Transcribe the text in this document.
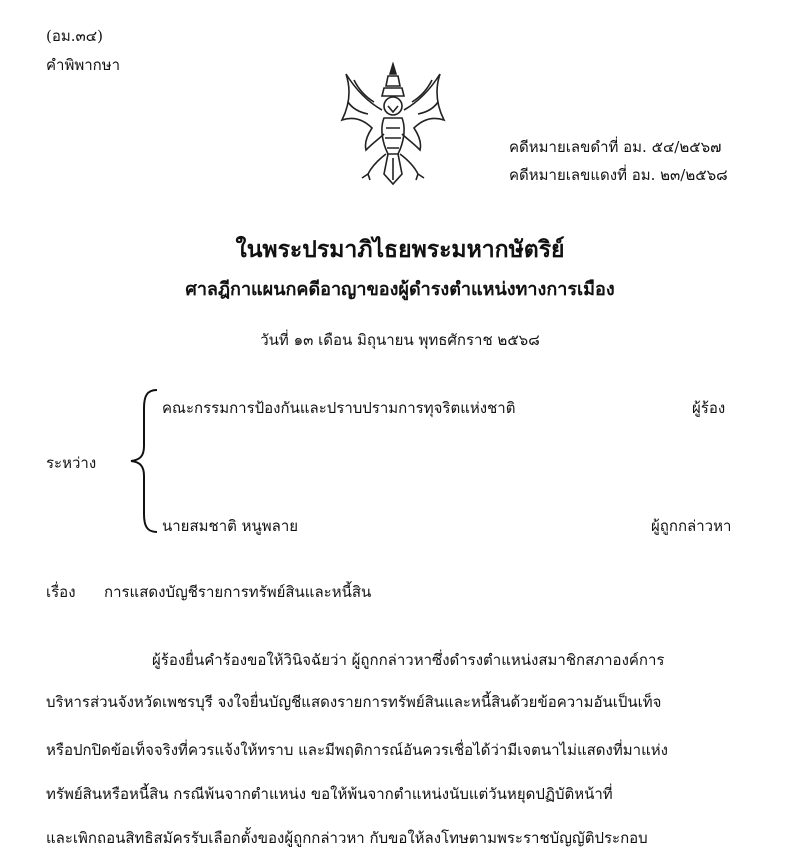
(อม.๓๔)
คำพิพากษา
คดีหมายเลขดำที่ อม. ๕๔/๒๕๖๗
คดีหมายเลขแดงที่ อม. ๒๓/๒๕๖๘
ในพระปรมาภิไธยพระมหากษัตริย์
ศาลฎีกาแผนกคดีอาญาของผู้ดำรงตำแหน่งทางการเมือง
วันที่ ๑๓ เดือน มิถุนายน พุทธศักราช ๒๕๖๘
คณะกรรมการป้องกันและปราบปรามการทุจริตแห่งชาติ	ผู้ร้อง
ระหว่าง
นายสมชาติ หนูพลาย	ผู้ถูกกล่าวหา
เรื่อง การแสดงบัญชีรายการทรัพย์สินและหนี้สิน
ผู้ร้องยื่นคำร้องขอให้วินิจฉัยว่า ผู้ถูกกล่าวหาซึ่งดำรงตำแหน่งสมาชิกสภาองค์การ
บริหารส่วนจังหวัดเพชรบุรี จงใจยื่นบัญชีแสดงรายการทรัพย์สินและหนี้สินด้วยข้อความอันเป็นเท็จ
หรือปกปิดข้อเท็จจริงที่ควรแจ้งให้ทราบ และมีพฤติการณ์อันควรเชื่อได้ว่ามีเจตนาไม่แสดงที่มาแห่ง
ทรัพย์สินหรือหนี้สิน กรณีพ้นจากตำแหน่ง ขอให้พ้นจากตำแหน่งนับแต่วันหยุดปฏิบัติหน้าที่
และเพิกถอนสิทธิสมัครรับเลือกตั้งของผู้ถูกกล่าวหา กับขอให้ลงโทษตามพระราชบัญญัติประกอบ
